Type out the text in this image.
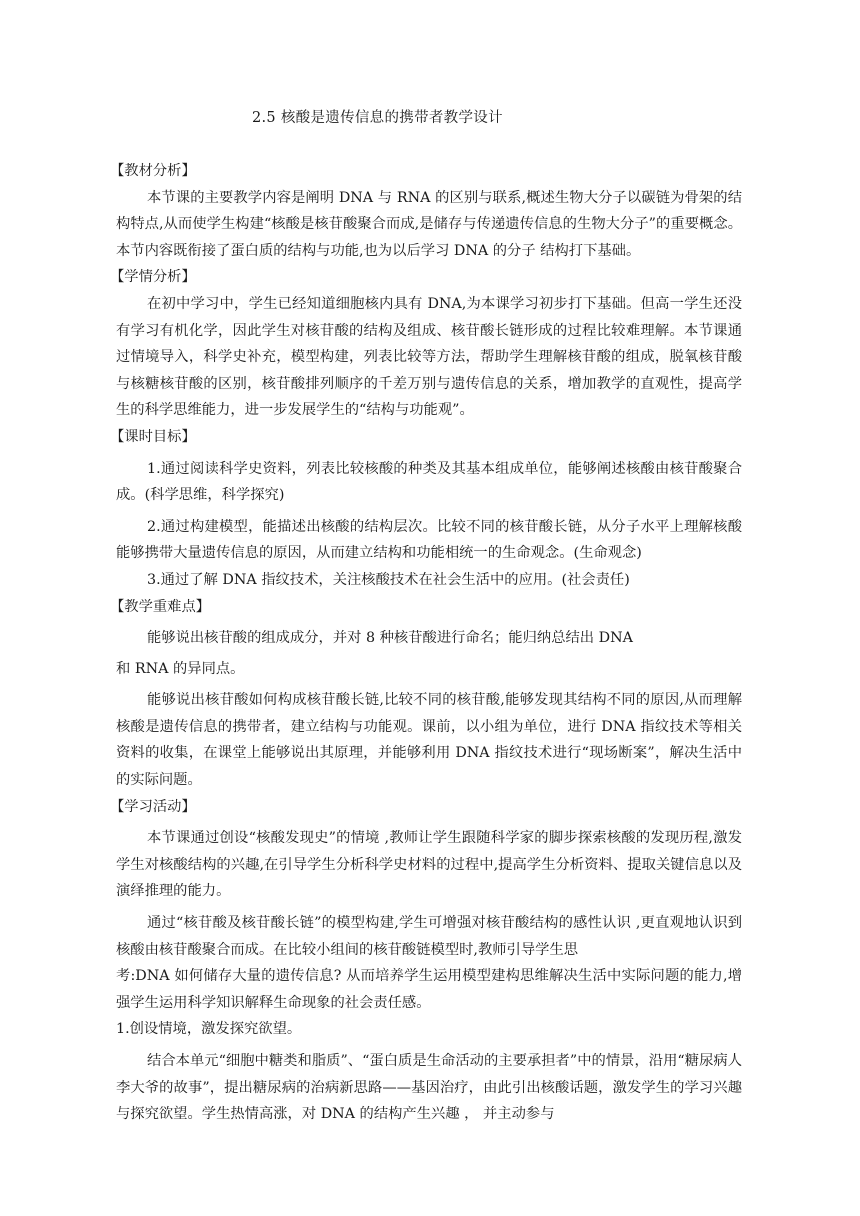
2.5 核酸是遗传信息的携带者教学设计

【教材分析】

本节课的主要教学内容是阐明 DNA 与 RNA 的区别与联系,概述生物大分子以碳链为骨架的结构特点,从而使学生构建“核酸是核苷酸聚合而成,是储存与传递遗传信息的生物大分子”的重要概念。本节内容既衔接了蛋白质的结构与功能,也为以后学习 DNA 的分子 结构打下基础。

【学情分析】

在初中学习中，学生已经知道细胞核内具有 DNA,为本课学习初步打下基础。但高一学生还没有学习有机化学，因此学生对核苷酸的结构及组成、核苷酸长链形成的过程比较难理解。本节课通过情境导入，科学史补充，模型构建，列表比较等方法，帮助学生理解核苷酸的组成，脱氧核苷酸与核糖核苷酸的区别，核苷酸排列顺序的千差万别与遗传信息的关系，增加教学的直观性，提高学生的科学思维能力，进一步发展学生的“结构与功能观”。

【课时目标】

1.通过阅读科学史资料，列表比较核酸的种类及其基本组成单位，能够阐述核酸由核苷酸聚合成。(科学思维，科学探究)

2.通过构建模型，能描述出核酸的结构层次。比较不同的核苷酸长链，从分子水平上理解核酸能够携带大量遗传信息的原因，从而建立结构和功能相统一的生命观念。(生命观念)

3.通过了解 DNA 指纹技术，关注核酸技术在社会生活中的应用。(社会责任)

【教学重难点】

能够说出核苷酸的组成成分，并对 8 种核苷酸进行命名；能归纳总结出 DNA

和 RNA 的异同点。

能够说出核苷酸如何构成核苷酸长链,比较不同的核苷酸,能够发现其结构不同的原因,从而理解核酸是遗传信息的携带者，建立结构与功能观。课前，以小组为单位，进行 DNA 指纹技术等相关资料的收集，在课堂上能够说出其原理，并能够利用 DNA 指纹技术进行“现场断案”，解决生活中的实际问题。

【学习活动】

本节课通过创设“核酸发现史”的情境 ,教师让学生跟随科学家的脚步探索核酸的发现历程,激发学生对核酸结构的兴趣,在引导学生分析科学史材料的过程中,提高学生分析资料、提取关键信息以及演绎推理的能力。

通过“核苷酸及核苷酸长链”的模型构建,学生可增强对核苷酸结构的感性认识 ,更直观地认识到核酸由核苷酸聚合而成。在比较小组间的核苷酸链模型时,教师引导学生思

考:DNA 如何储存大量的遗传信息? 从而培养学生运用模型建构思维解决生活中实际问题的能力,增强学生运用科学知识解释生命现象的社会责任感。

1.创设情境，激发探究欲望。

结合本单元“细胞中糖类和脂质”、“蛋白质是生命活动的主要承担者”中的情景，沿用“糖尿病人李大爷的故事”，提出糖尿病的治病新思路——基因治疗，由此引出核酸话题，激发学生的学习兴趣与探究欲望。学生热情高涨，对 DNA 的结构产生兴趣 ， 并主动参与
